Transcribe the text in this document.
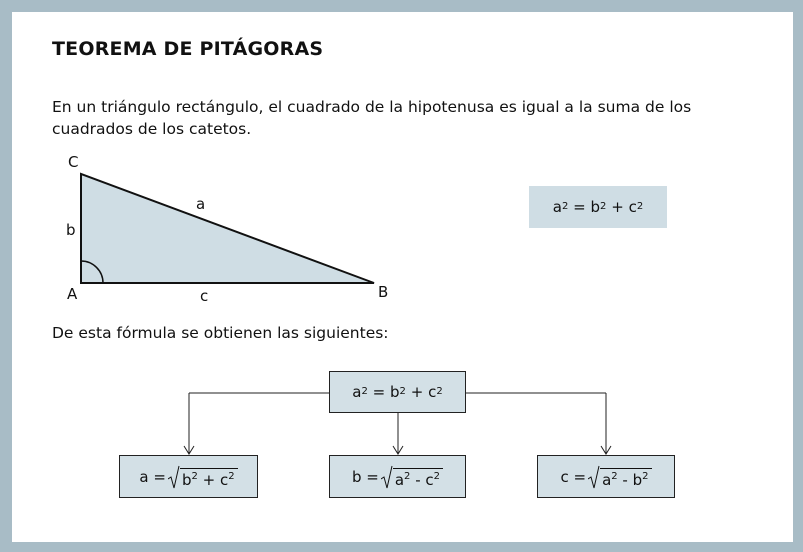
TEOREMA DE PITÁGORAS

En un triángulo rectángulo, el cuadrado de la hipotenusa es igual a la suma de los cuadrados de los catetos.

C
b
a
A	c	B
a 2
=
b 2
+
c 2

De esta fórmula se obtienen las siguientes:

a 2
=
b 2
+
c 2
a
= $b^2 + c^2$	b
= $a^2 - c^2$	c
= $a^2 - b^2$
